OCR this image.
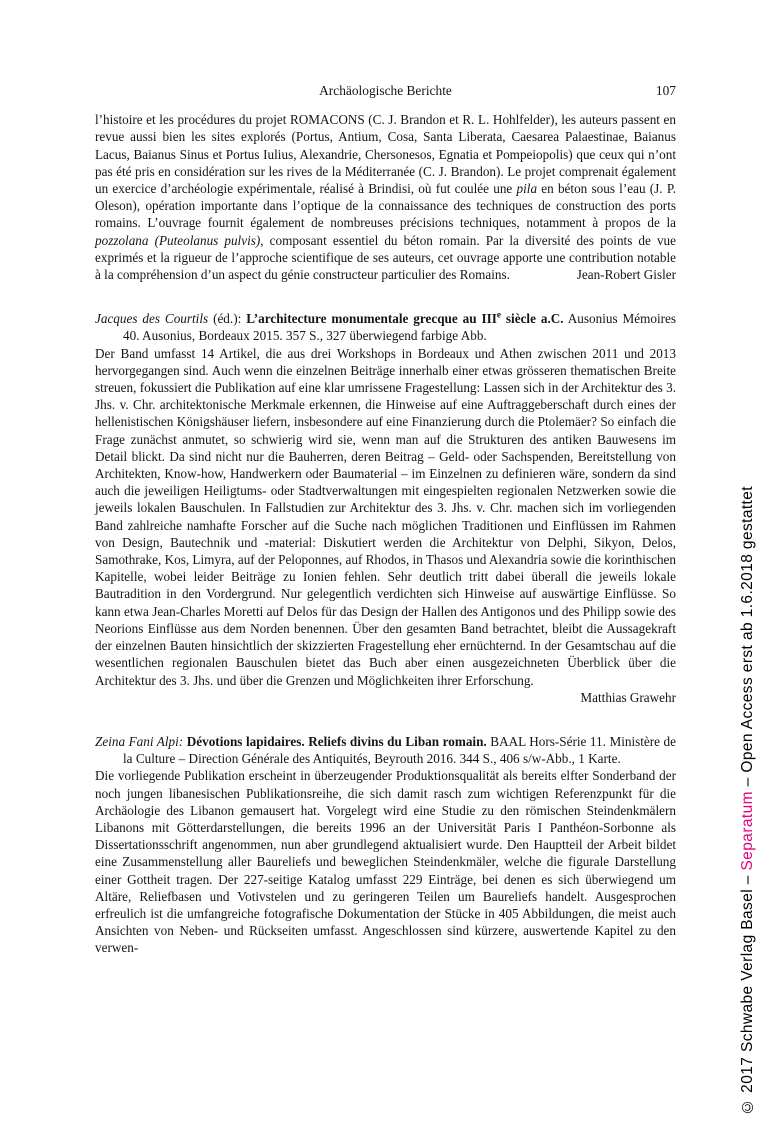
Archäologische Berichte	107

l’histoire et les procédures du projet ROMACONS (C. J. Brandon et R. L. Hohlfelder), les auteurs passent en revue aussi bien les sites explorés (Portus, Antium, Cosa, Santa Liberata, Caesarea Palaestinae, Baianus Lacus, Baianus Sinus et Portus Iulius, Alexandrie, Chersonesos, Egnatia et Pompeiopolis) que ceux qui n’ont pas été pris en considération sur les rives de la Méditerranée (C. J. Brandon). Le projet comprenait également un exercice d’archéologie expérimentale, réalisé à Brindisi, où fut coulée une pila en béton sous l’eau (J. P. Oleson), opération importante dans l’optique de la connaissance des techniques de construction des ports romains. L’ouvrage fournit également de nombreuses précisions techniques, notamment à propos de la pozzolana (Puteolanus pulvis), composant essentiel du béton romain. Par la diversité des points de vue exprimés et la rigueur de l’approche scientifique de ses auteurs, cet ouvrage apporte une contribution notable à la compréhension d’un aspect du génie constructeur particulier des Romains.	Jean-Robert Gisler

Jacques des Courtils (éd.): L’architecture monumentale grecque au IIIe siècle a.C. Ausonius Mémoires 40. Ausonius, Bordeaux 2015. 357 S., 327 überwiegend farbige Abb.

Der Band umfasst 14 Artikel, die aus drei Workshops in Bordeaux und Athen zwischen 2011 und 2013 hervorgegangen sind. Auch wenn die einzelnen Beiträge innerhalb einer etwas grösseren thematischen Breite streuen, fokussiert die Publikation auf eine klar umrissene Fragestellung: Lassen sich in der Architektur des 3. Jhs. v. Chr. architektonische Merkmale erkennen, die Hinweise auf eine Auftraggeberschaft durch eines der hellenistischen Königshäuser liefern, insbesondere auf eine Finanzierung durch die Ptolemäer? So einfach die Frage zunächst anmutet, so schwierig wird sie, wenn man auf die Strukturen des antiken Bauwesens im Detail blickt. Da sind nicht nur die Bauherren, deren Beitrag – Geld- oder Sachspenden, Bereitstellung von Architekten, Know-how, Handwerkern oder Baumaterial – im Einzelnen zu definieren wäre, sondern da sind auch die jeweiligen Heiligtums- oder Stadtverwaltungen mit eingespielten regionalen Netzwerken sowie die jeweils lokalen Bauschulen. In Fallstudien zur Architektur des 3. Jhs. v. Chr. machen sich im vorliegenden Band zahlreiche namhafte Forscher auf die Suche nach möglichen Traditionen und Einflüssen im Rahmen von Design, Bautechnik und -material: Diskutiert werden die Architektur von Delphi, Sikyon, Delos, Samothrake, Kos, Limyra, auf der Peloponnes, auf Rhodos, in Thasos und Alexandria sowie die korinthischen Kapitelle, wobei leider Beiträge zu Ionien fehlen. Sehr deutlich tritt dabei überall die jeweils lokale Bautradition in den Vordergrund. Nur gelegentlich verdichten sich Hinweise auf auswärtige Einflüsse. So kann etwa Jean-Charles Moretti auf Delos für das Design der Hallen des Antigonos und des Philipp sowie des Neorions Einflüsse aus dem Norden benennen. Über den gesamten Band betrachtet, bleibt die Aussagekraft der einzelnen Bauten hinsichtlich der skizzierten Fragestellung eher ernüchternd. In der Gesamtschau auf die wesentlichen regionalen Bauschulen bietet das Buch aber einen ausgezeichneten Überblick über die Architektur des 3. Jhs. und über die Grenzen und Möglichkeiten ihrer Erforschung.

Matthias Grawehr
Zeina Fani Alpi: Dévotions lapidaires. Reliefs divins du Liban romain. BAAL Hors-Série 11. Ministère de la Culture – Direction Générale des Antiquités, Beyrouth 2016. 344 S., 406 s/w-Abb., 1 Karte.

Die vorliegende Publikation erscheint in überzeugender Produktionsqualität als bereits elfter Sonderband der noch jungen libanesischen Publikationsreihe, die sich damit rasch zum wichtigen Referenzpunkt für die Archäologie des Libanon gemausert hat. Vorgelegt wird eine Studie zu den römischen Steindenkmälern Libanons mit Götterdarstellungen, die bereits 1996 an der Universität Paris I Panthéon-Sorbonne als Dissertationsschrift angenommen, nun aber grundlegend aktualisiert wurde. Den Hauptteil der Arbeit bildet eine Zusammenstellung aller Baureliefs und beweglichen Steindenkmäler, welche die figurale Darstellung einer Gottheit tragen. Der 227-seitige Katalog umfasst 229 Einträge, bei denen es sich überwiegend um Altäre, Reliefbasen und Votivstelen und zu geringeren Teilen um Baureliefs handelt. Ausgesprochen erfreulich ist die umfangreiche fotografische Dokumentation der Stücke in 405 Abbildungen, die meist auch Ansichten von Neben- und Rückseiten umfasst. Angeschlossen sind kürzere, auswertende Kapitel zu den verwen-	© 2017 Schwabe Verlag Basel – Separatum – Open Access erst ab 1.6.2018 gestattet
